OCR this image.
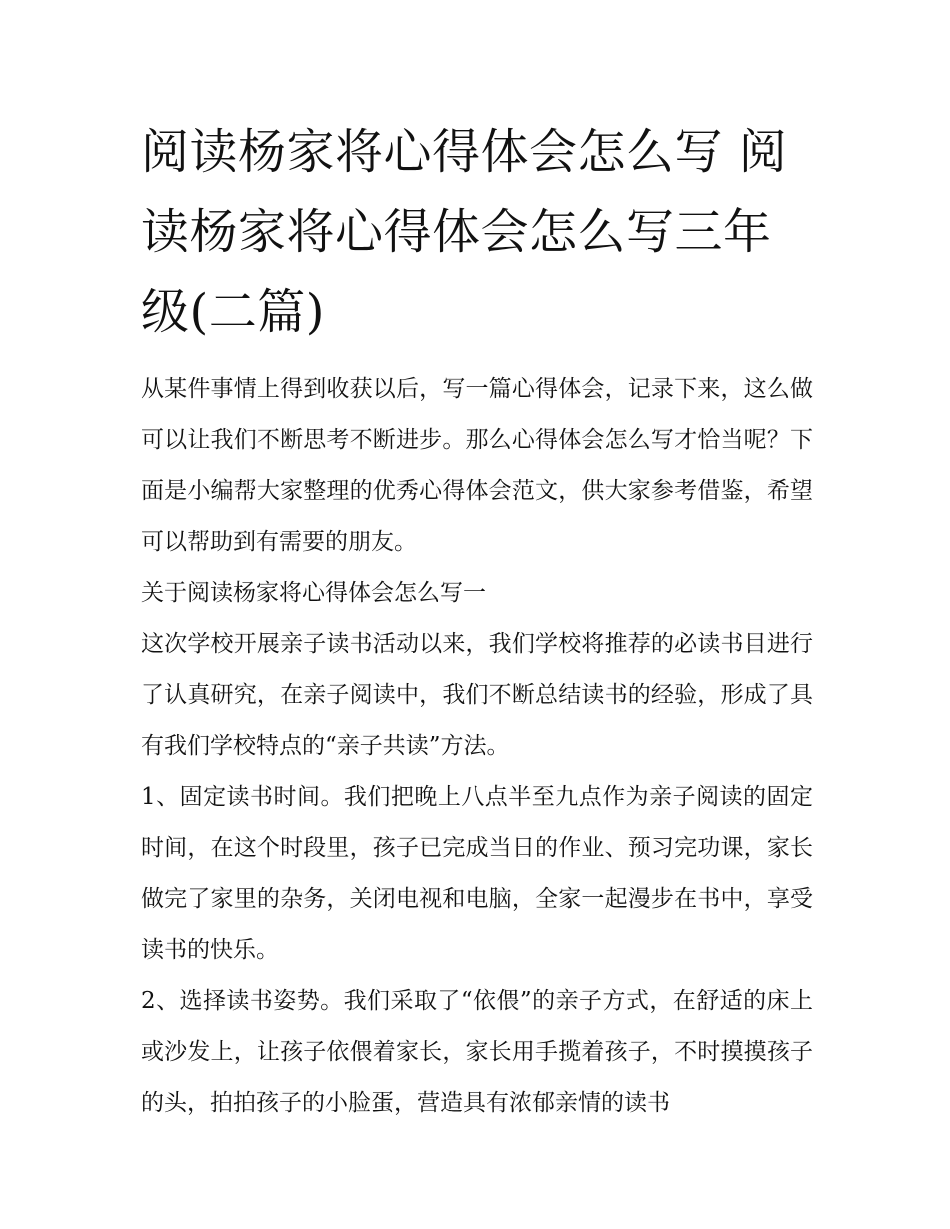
阅读杨家将心得体会怎么写 阅读杨家将心得体会怎么写三年级(二篇)

从某件事情上得到收获以后，写一篇心得体会，记录下来，这么做可以让我们不断思考不断进步。那么心得体会怎么写才恰当呢？下面是小编帮大家整理的优秀心得体会范文，供大家参考借鉴，希望可以帮助到有需要的朋友。

关于阅读杨家将心得体会怎么写一

这次学校开展亲子读书活动以来，我们学校将推荐的必读书目进行了认真研究，在亲子阅读中，我们不断总结读书的经验，形成了具有我们学校特点的“亲子共读”方法。

1、固定读书时间。我们把晚上八点半至九点作为亲子阅读的固定时间，在这个时段里，孩子已完成当日的作业、预习完功课，家长做完了家里的杂务，关闭电视和电脑，全家一起漫步在书中，享受读书的快乐。

2、选择读书姿势。我们采取了“依偎”的亲子方式，在舒适的床上或沙发上，让孩子依偎着家长，家长用手揽着孩子，不时摸摸孩子的头，拍拍孩子的小脸蛋，营造具有浓郁亲情的读书
